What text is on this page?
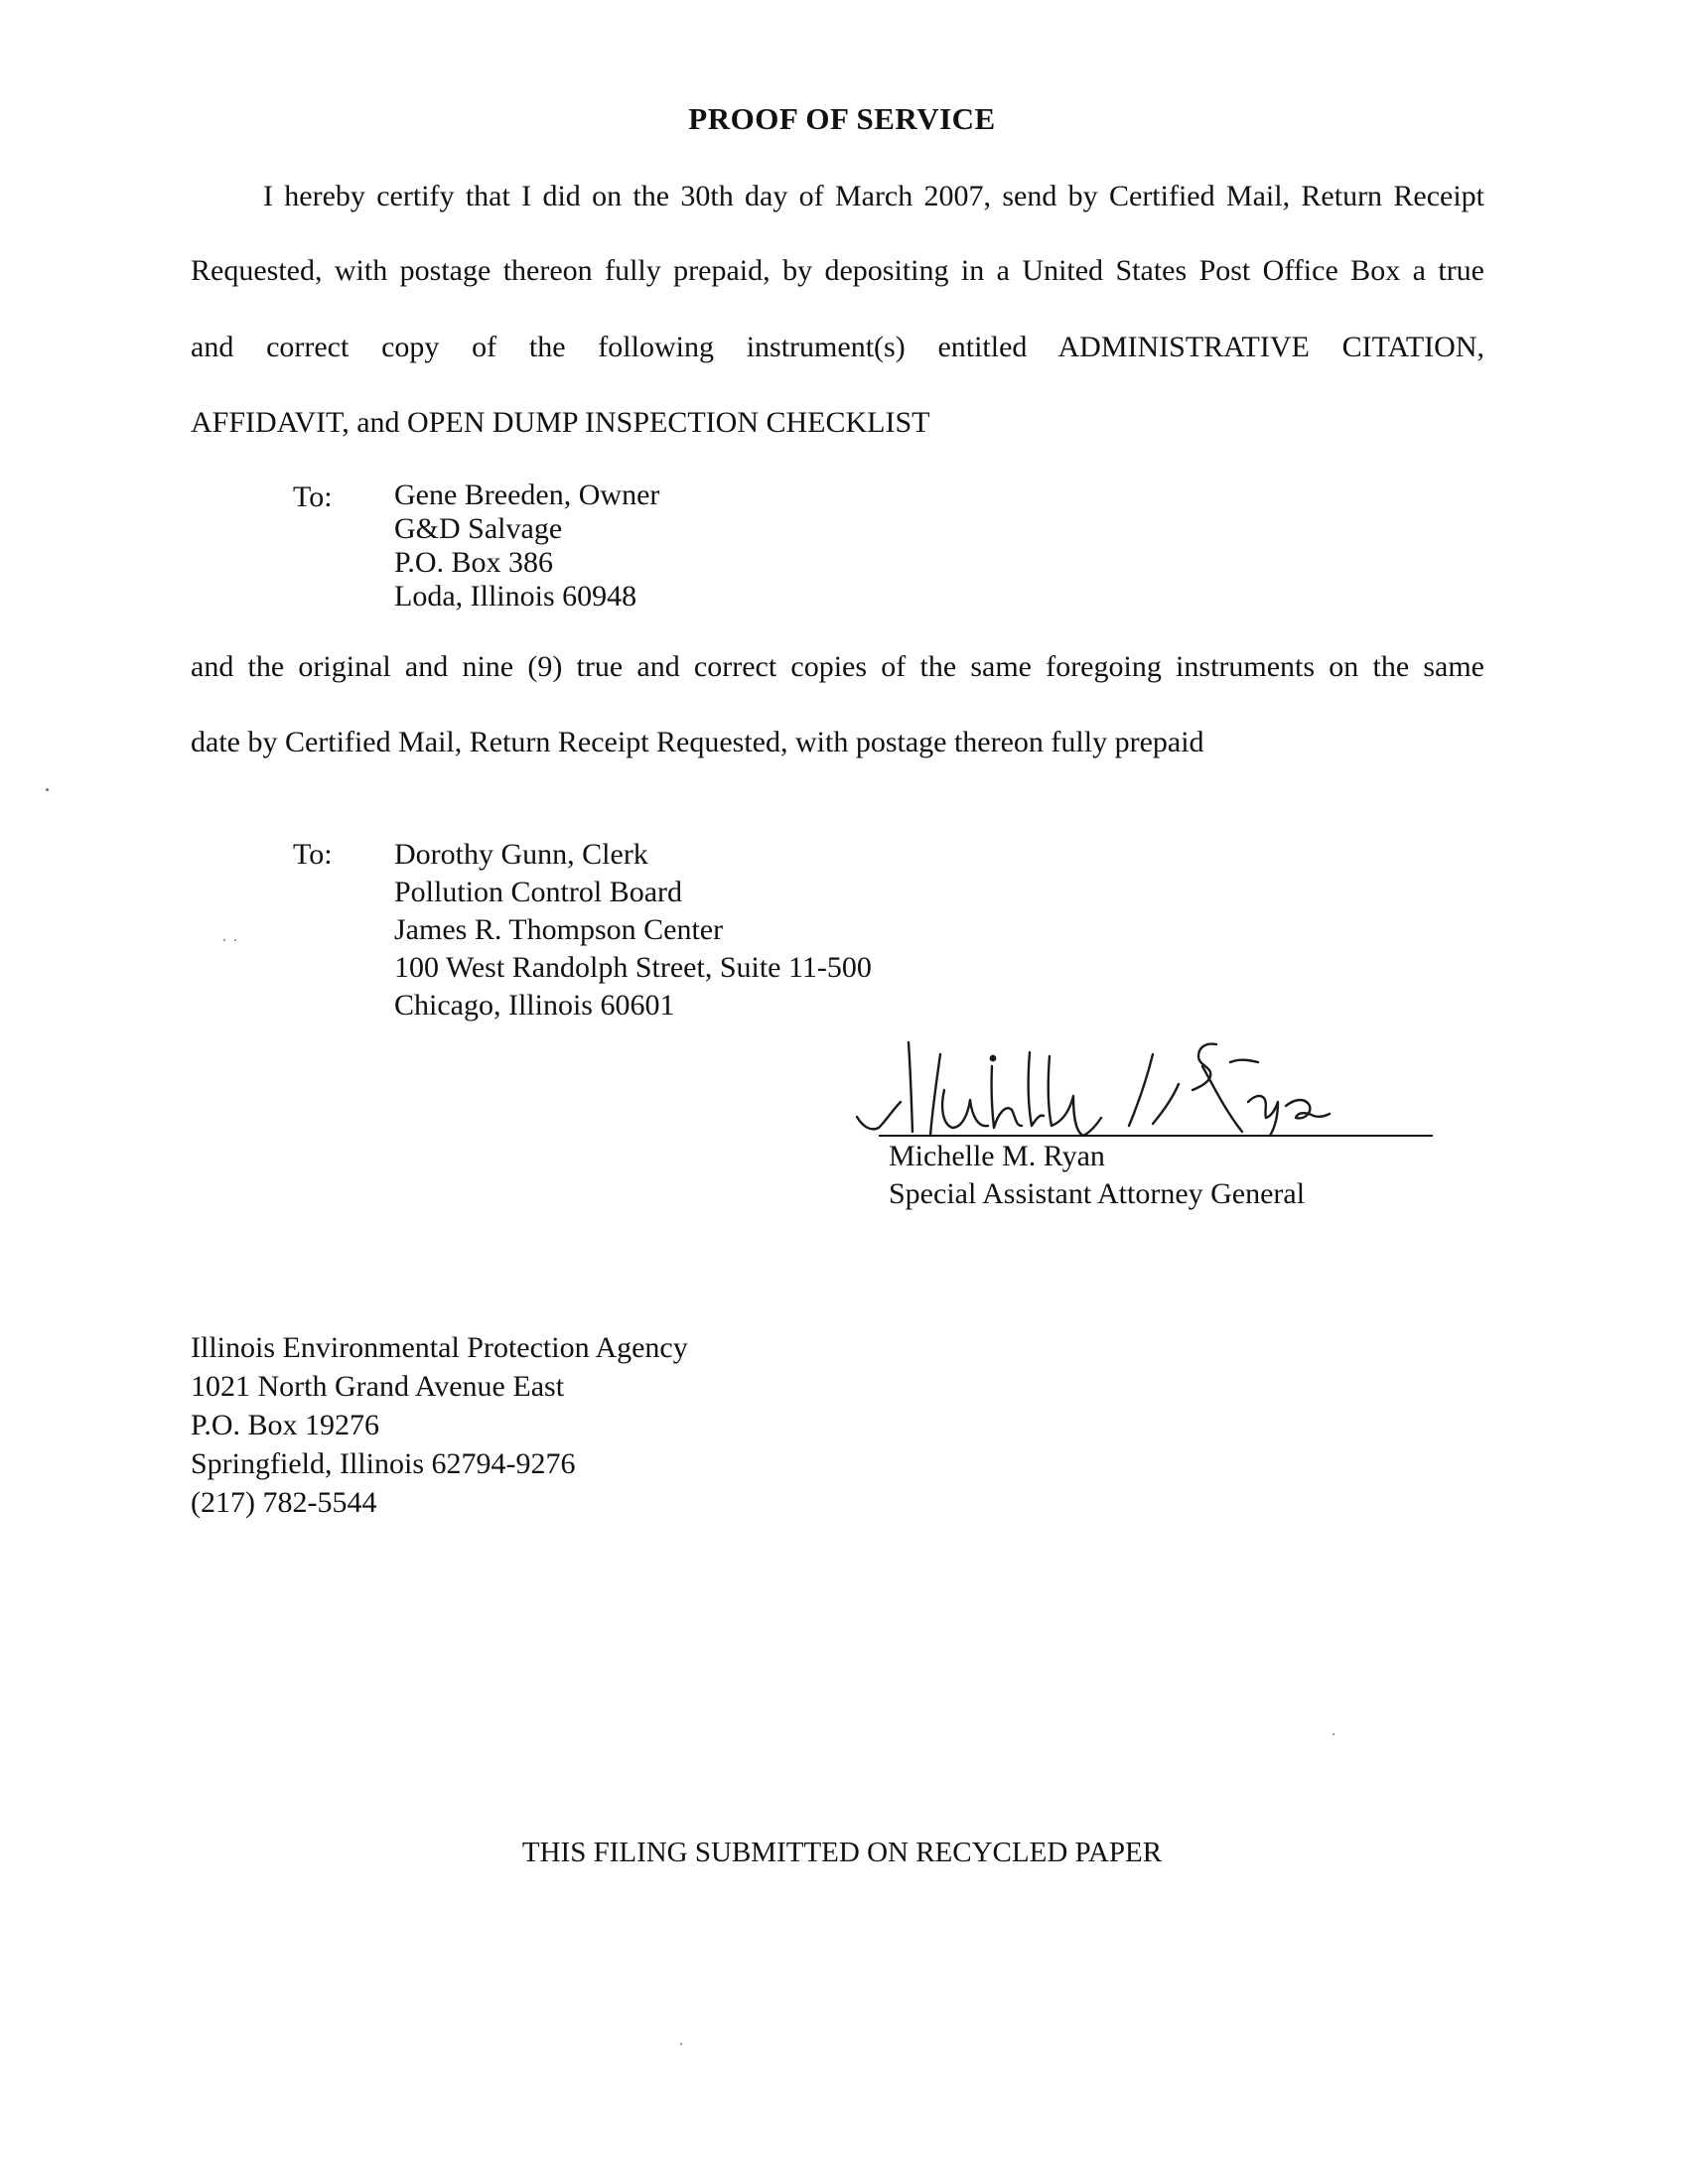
PROOF OF SERVICE
I hereby certify that I did on the 30th day of March 2007, send by Certified Mail, Return Receipt
Requested, with postage thereon fully prepaid, by depositing in a United States Post Office Box a true
and correct copy of the following instrument(s) entitled ADMINISTRATIVE CITATION,
AFFIDAVIT, and OPEN DUMP INSPECTION CHECKLIST
To: Gene Breeden, Owner
G&D Salvage
P.O. Box 386
Loda, Illinois 60948
and the original and nine (9) true and correct copies of the same foregoing instruments on the same
date by Certified Mail, Return Receipt Requested, with postage thereon fully prepaid
To: Dorothy Gunn, Clerk
Pollution Control Board
James R. Thompson Center
100 West Randolph Street, Suite 11-500
Chicago, Illinois 60601
Michelle M. Ryan
Special Assistant Attorney General
Illinois Environmental Protection Agency
1021 North Grand Avenue East
P.O. Box 19276
Springfield, Illinois 62794-9276
(217) 782-5544
THIS FILING SUBMITTED ON RECYCLED PAPER
